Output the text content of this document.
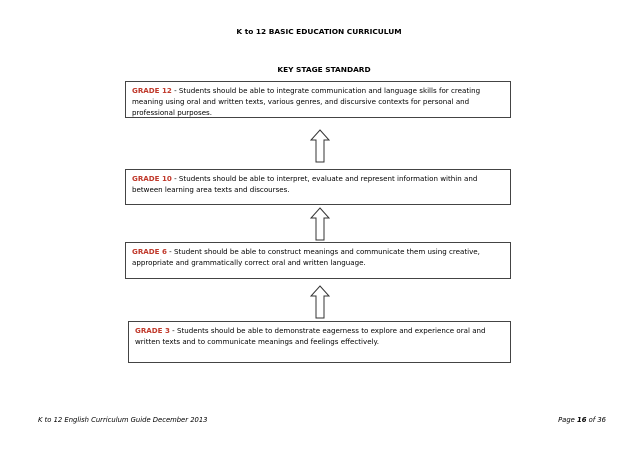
K to 12 BASIC EDUCATION CURRICULUM
KEY STAGE STANDARD
GRADE 12 - Students should be able to integrate communication and language skills for creating meaning using oral and written texts, various genres, and discursive contexts for personal and professional purposes.
GRADE 10 - Students should be able to interpret, evaluate and represent information within and between learning area texts and discourses.
GRADE 6 - Student should be able to construct meanings and communicate them using creative, appropriate and grammatically correct oral and written language.
GRADE 3 - Students should be able to demonstrate eagerness to explore and experience oral and written texts and to communicate meanings and feelings effectively.
K to 12 English Curriculum Guide December 2013	Page 16 of 36
